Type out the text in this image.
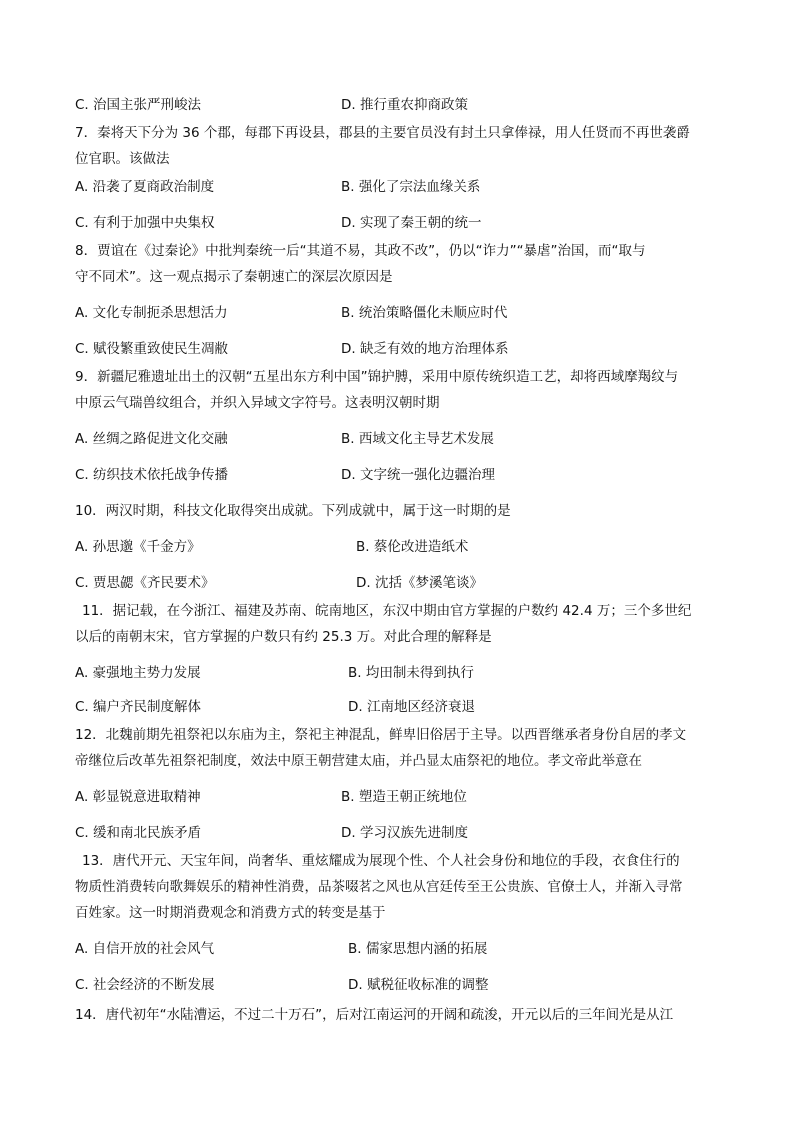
C. 治国主张严刑峻法	D. 推行重农抑商政策
7．秦将天下分为 36 个郡，每郡下再设县，郡县的主要官员没有封土只拿俸禄，用人任贤而不再世袭爵
位官职。该做法
A. 沿袭了夏商政治制度	B. 强化了宗法血缘关系
C. 有利于加强中央集权	D. 实现了秦王朝的统一
8．贾谊在《过秦论》中批判秦统一后“其道不易，其政不改”，仍以“诈力”“暴虐”治国，而“取与
守不同术”。这一观点揭示了秦朝速亡的深层次原因是
A. 文化专制扼杀思想活力	B. 统治策略僵化未顺应时代
C. 赋役繁重致使民生凋敝	D. 缺乏有效的地方治理体系
9．新疆尼雅遗址出土的汉朝“五星出东方利中国”锦护膊，采用中原传统织造工艺，却将西域摩羯纹与
中原云气瑞兽纹组合，并织入异域文字符号。这表明汉朝时期
A. 丝绸之路促进文化交融	B. 西域文化主导艺术发展
C. 纺织技术依托战争传播	D. 文字统一强化边疆治理
10．两汉时期，科技文化取得突出成就。下列成就中，属于这一时期的是
A. 孙思邈《千金方》	B. 蔡伦改进造纸术
C. 贾思勰《齐民要术》	D. 沈括《梦溪笔谈》
11．据记载，在今浙江、福建及苏南、皖南地区，东汉中期由官方掌握的户数约 42.4 万；三个多世纪
以后的南朝末宋，官方掌握的户数只有约 25.3 万。对此合理的解释是
A. 豪强地主势力发展	B. 均田制未得到执行
C. 编户齐民制度解体	D. 江南地区经济衰退
12．北魏前期先祖祭祀以东庙为主，祭祀主神混乱，鲜卑旧俗居于主导。以西晋继承者身份自居的孝文
帝继位后改革先祖祭祀制度，效法中原王朝营建太庙，并凸显太庙祭祀的地位。孝文帝此举意在
A. 彰显锐意进取精神	B. 塑造王朝正统地位
C. 缓和南北民族矛盾	D. 学习汉族先进制度
13．唐代开元、天宝年间，尚奢华、重炫耀成为展现个性、个人社会身份和地位的手段，衣食住行的
物质性消费转向歌舞娱乐的精神性消费，品茶啜茗之风也从宫廷传至王公贵族、官僚士人，并渐入寻常
百姓家。这一时期消费观念和消费方式的转变是基于
A. 自信开放的社会风气	B. 儒家思想内涵的拓展
C. 社会经济的不断发展	D. 赋税征收标准的调整
14．唐代初年“水陆漕运，不过二十万石”，后对江南运河的开阔和疏浚，开元以后的三年间光是从江
